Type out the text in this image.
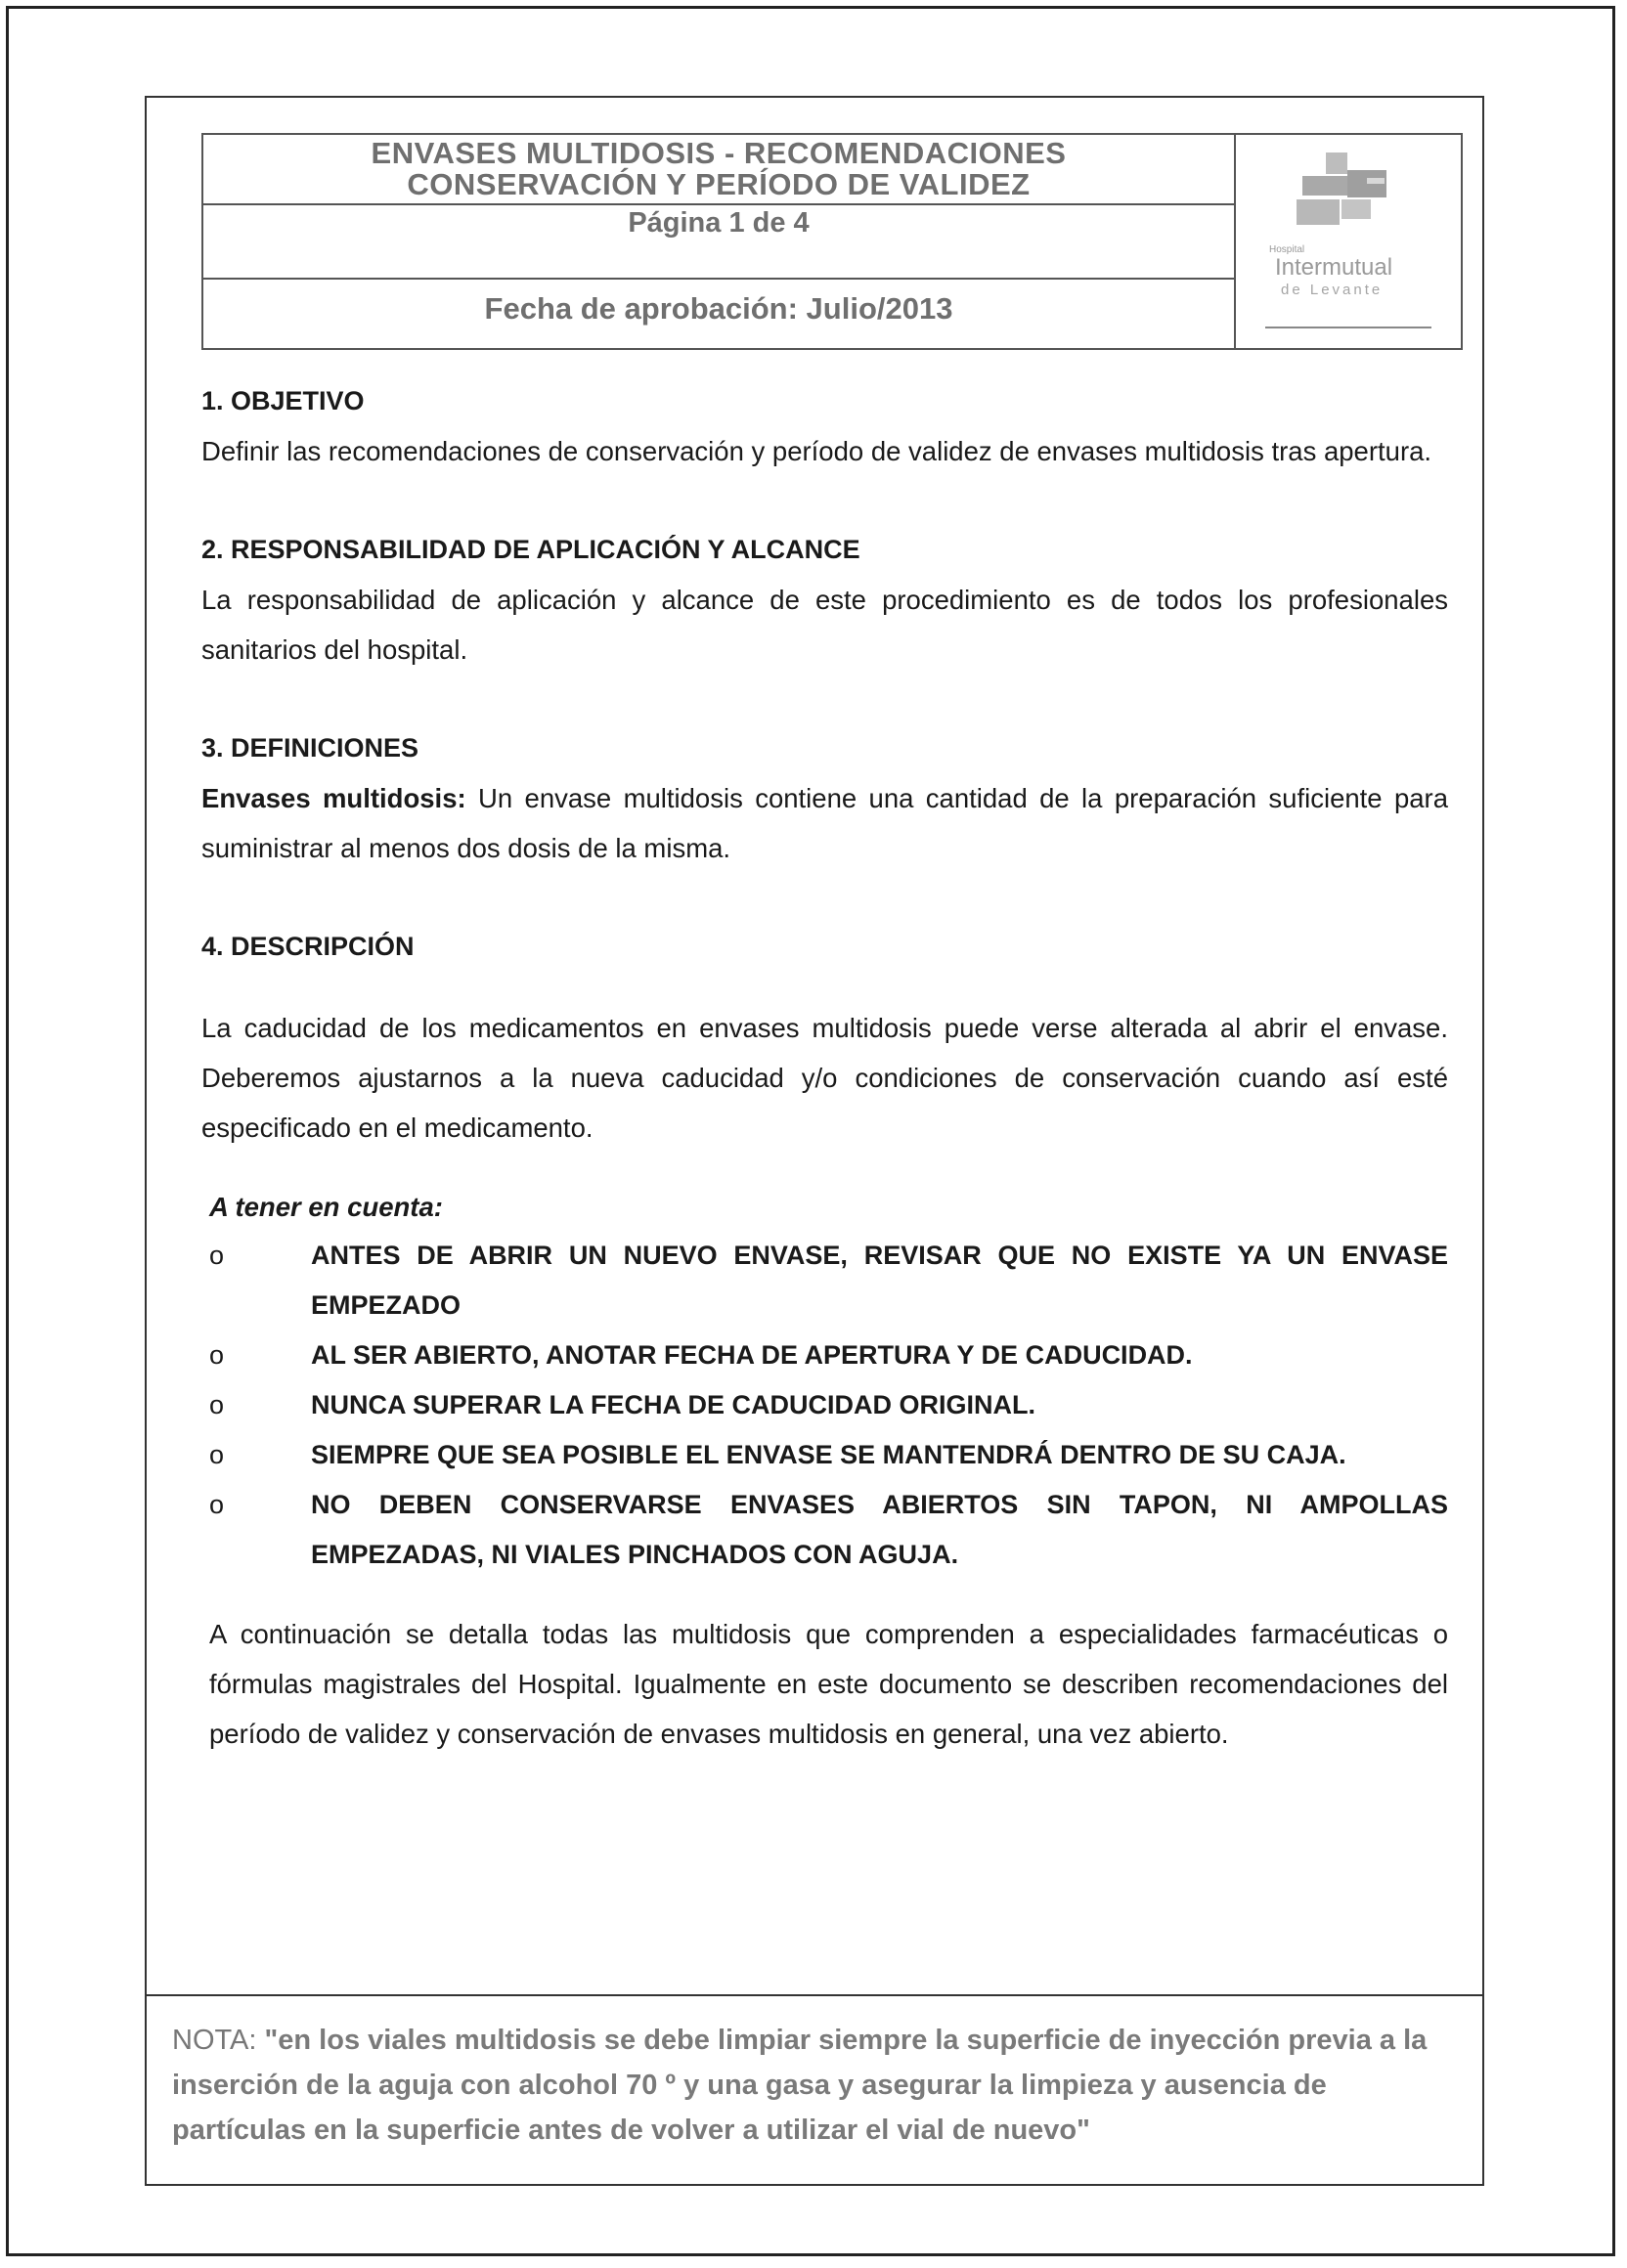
ENVASES MULTIDOSIS - RECOMENDACIONES
CONSERVACIÓN Y PERÍODO DE VALIDEZ
Página 1 de 4
Fecha de aprobación: Julio/2013
Hospital
Intermutual
de Levante
1. OBJETIVO
Definir las recomendaciones de conservación y período de validez de envases multidosis tras apertura.
2. RESPONSABILIDAD DE APLICACIÓN Y ALCANCE
La responsabilidad de aplicación y alcance de este procedimiento es de todos los profesionales sanitarios del hospital.
3. DEFINICIONES
Envases multidosis: Un envase multidosis contiene una cantidad de la preparación suficiente para suministrar al menos dos dosis de la misma.
4. DESCRIPCIÓN
La caducidad de los medicamentos en envases multidosis puede verse alterada al abrir el envase. Deberemos ajustarnos a la nueva caducidad y/o condiciones de conservación cuando así esté especificado en el medicamento.
A tener en cuenta:
o	ANTES DE ABRIR UN NUEVO ENVASE, REVISAR QUE NO EXISTE YA UN ENVASE EMPEZADO
o	AL SER ABIERTO, ANOTAR FECHA DE APERTURA Y DE CADUCIDAD.
o	NUNCA SUPERAR LA FECHA DE CADUCIDAD ORIGINAL.
o	SIEMPRE QUE SEA POSIBLE EL ENVASE SE MANTENDRÁ DENTRO DE SU CAJA.
o	NO DEBEN CONSERVARSE ENVASES ABIERTOS SIN TAPON, NI AMPOLLAS EMPEZADAS, NI VIALES PINCHADOS CON AGUJA.
A continuación se detalla todas las multidosis que comprenden a especialidades farmacéuticas o fórmulas magistrales del Hospital. Igualmente en este documento se describen recomendaciones del período de validez y conservación de envases multidosis en general, una vez abierto.
NOTA: "en los viales multidosis se debe limpiar siempre la superficie de inyección previa a la inserción de la aguja con alcohol 70 º y una gasa y asegurar la limpieza y ausencia de partículas en la superficie antes de volver a utilizar el vial de nuevo"
